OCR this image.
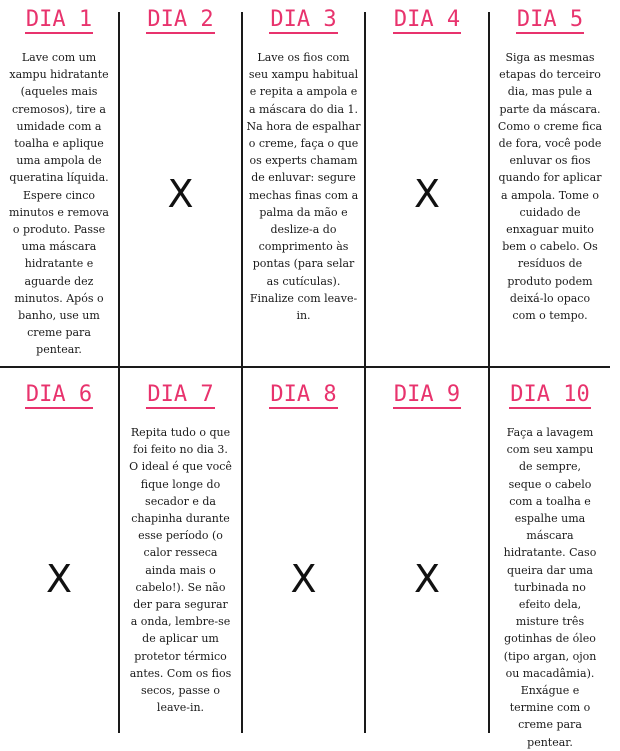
DIA 1
Lave com um xampu hidratante (aqueles mais cremosos), tire a umidade com a toalha e aplique uma ampola de queratina líquida. Espere cinco minutos e remova o produto. Passe uma máscara hidratante e aguarde dez minutos. Após o banho, use um creme para pentear.
DIA 2
X
DIA 3
Lave os fios com seu xampu habitual e repita a ampola e a máscara do dia 1. Na hora de espalhar o creme, faça o que os experts chamam de enluvar: segure mechas finas com a palma da mão e deslize-a do comprimento às pontas (para selar as cutículas). Finalize com leave-in.
DIA 4
X
DIA 5
Siga as mesmas etapas do terceiro dia, mas pule a parte da máscara. Como o creme fica de fora, você pode enluvar os fios quando for aplicar a ampola. Tome o cuidado de enxaguar muito bem o cabelo. Os resíduos de produto podem deixá-lo opaco com o tempo.
DIA 6
X
DIA 7
Repita tudo o que foi feito no dia 3. O ideal é que você fique longe do secador e da chapinha durante esse período (o calor resseca ainda mais o cabelo!). Se não der para segurar a onda, lembre-se de aplicar um protetor térmico antes. Com os fios secos, passe o leave-in.
DIA 8
X
DIA 9
X
DIA 10
Faça a lavagem com seu xampu de sempre, seque o cabelo com a toalha e espalhe uma máscara hidratante. Caso queira dar uma turbinada no efeito dela, misture três gotinhas de óleo (tipo argan, ojon ou macadâmia). Enxágue e termine com o creme para pentear.
